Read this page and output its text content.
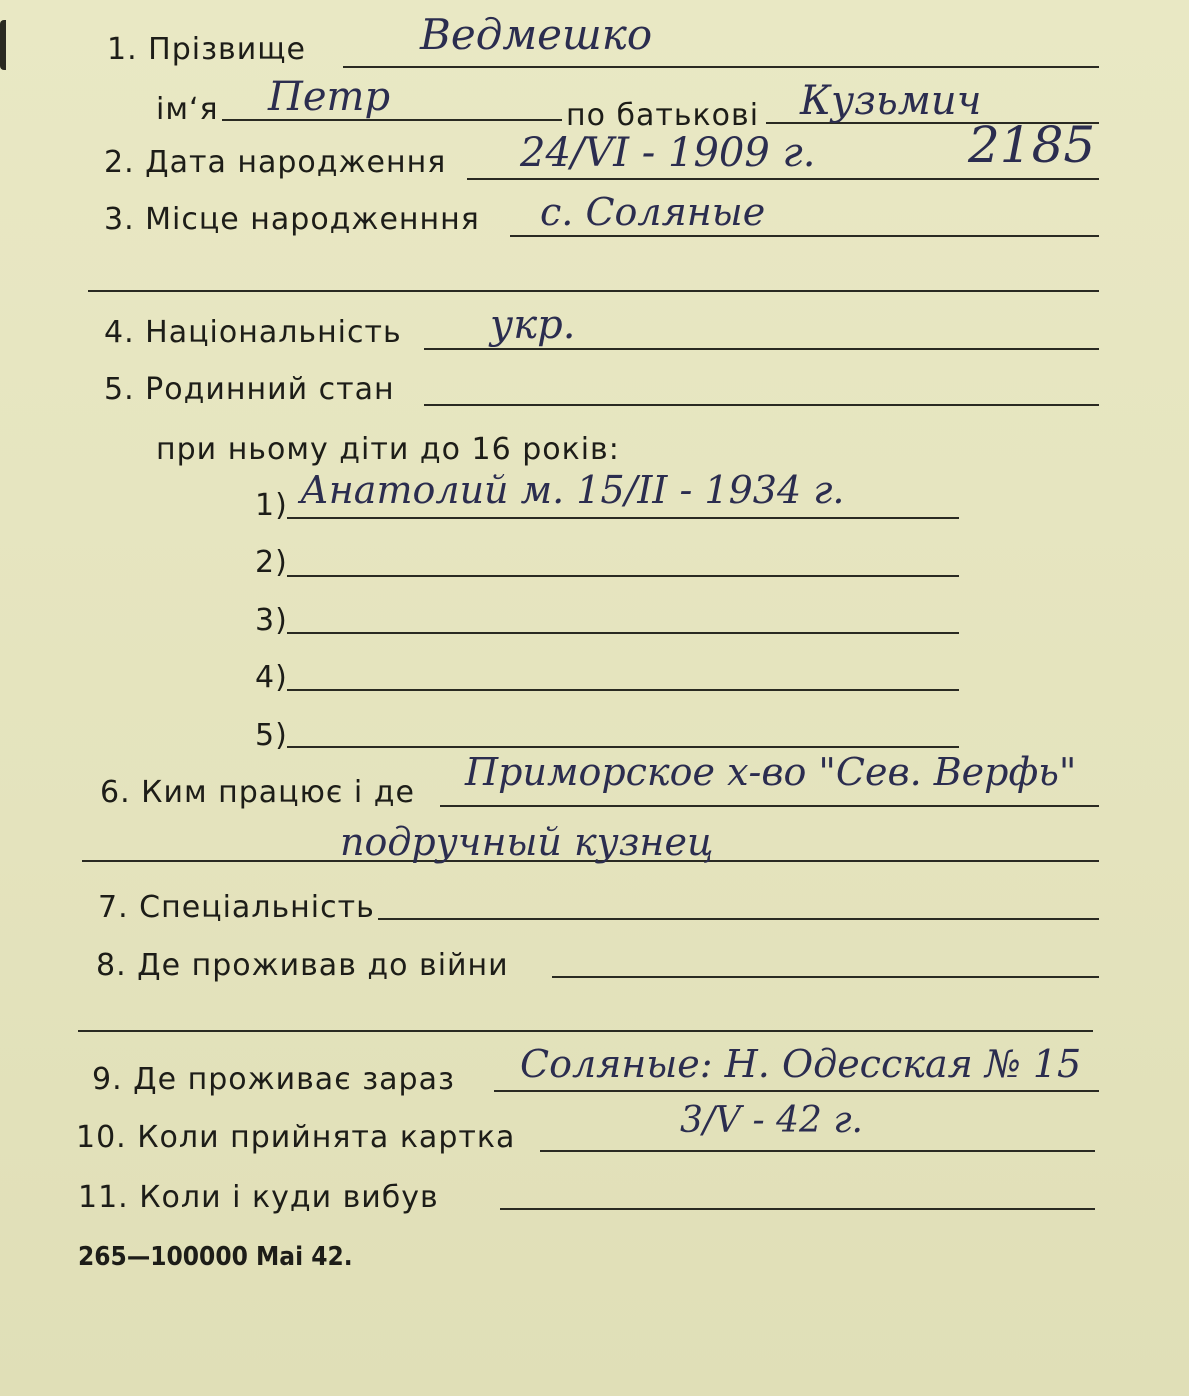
1. Прізвище	Ведмешко
ім‘я Петр	по батькові Кузьмич
2. Дата народження 24/VI - 1909 г.	2185
3. Місце народженння с. Соляные
4. Національність укр.
5. Родинний стан
при ньому діти до 16 років:
1) Анатолий м. 15/II - 1934 г.
2)
3)
4)
5)
6. Ким працює і де Приморское х-во "Сев. Верфь"
подручный кузнец
7. Спеціальність
8. Де проживав до війни
9. Де проживає зараз Соляные: Н. Одесская № 15
10. Коли прийнята картка	3/V - 42 г.
11. Коли і куди вибув
265—100000 Mai 42.
